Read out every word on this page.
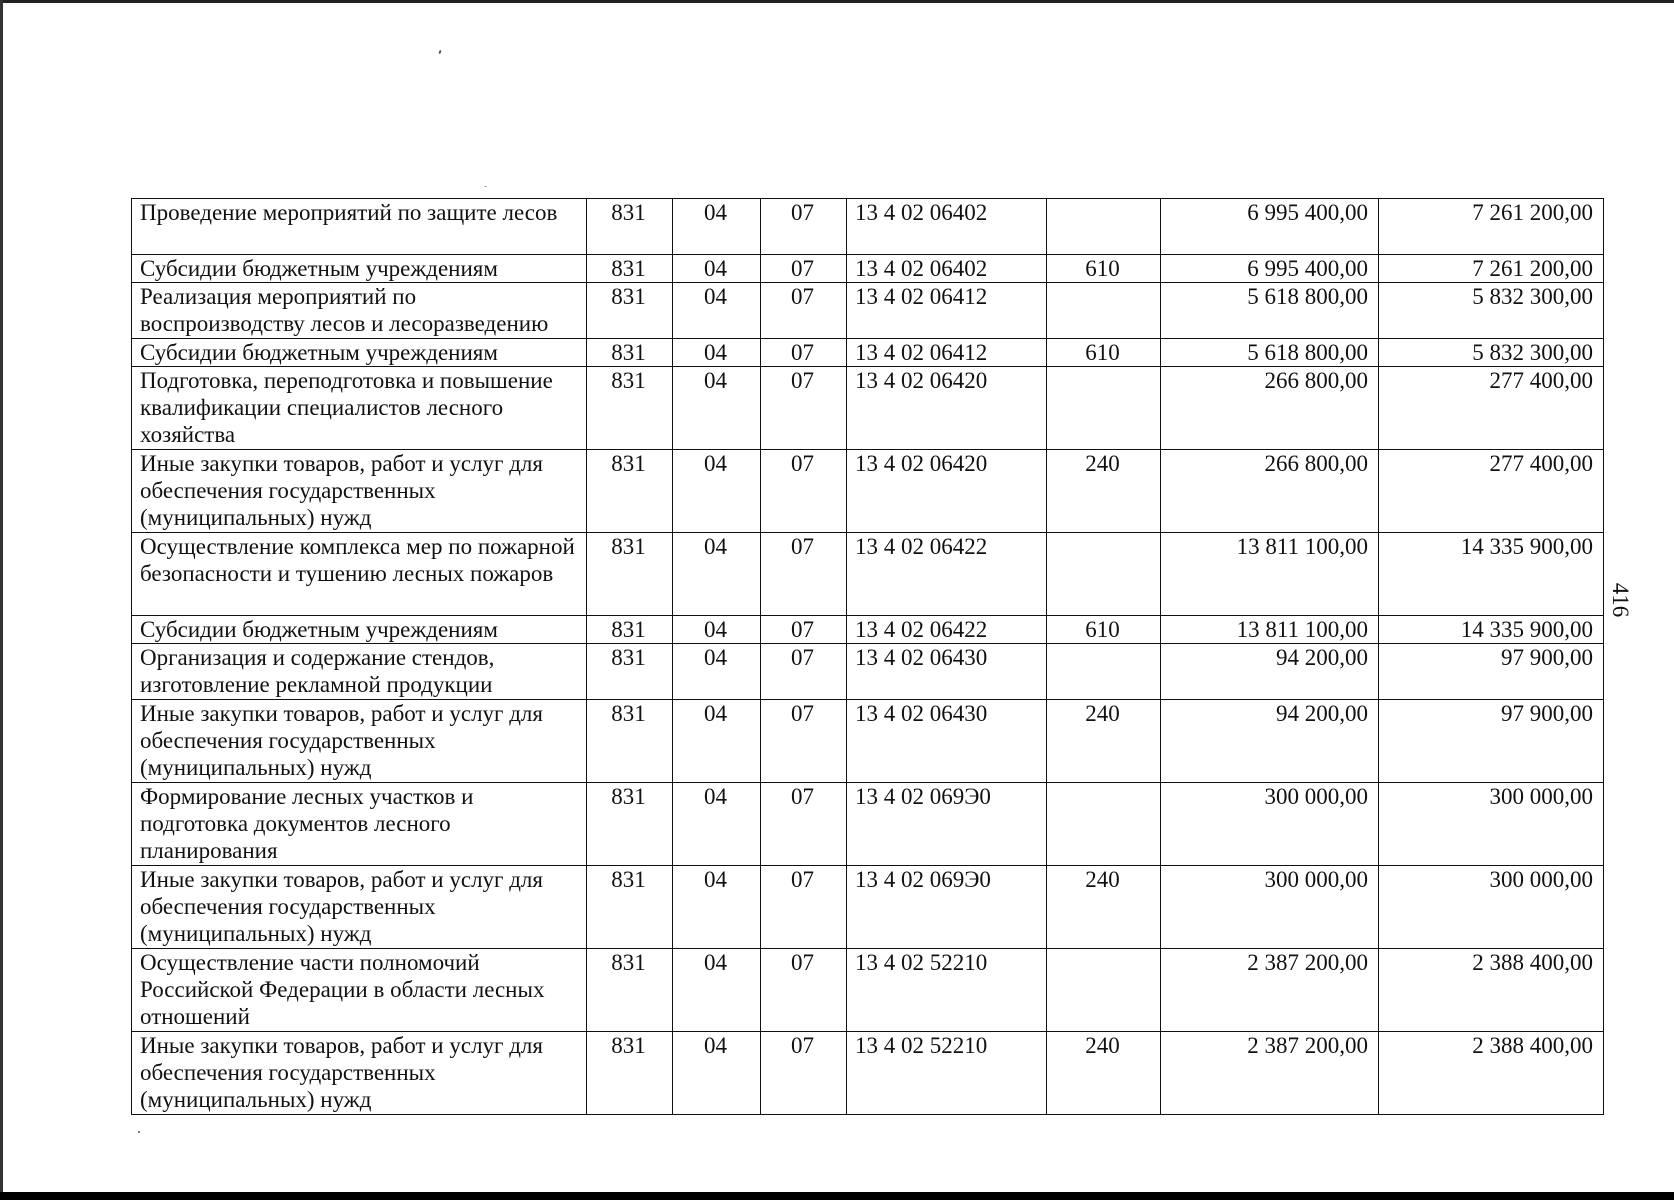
416
Проведение мероприятий по защите лесов	831	04	07	13 4 02 06402		6 995 400,00	7 261 200,00
Субсидии бюджетным учреждениям	831	04	07	13 4 02 06402	610	6 995 400,00	7 261 200,00
Реализация мероприятий по воспроизводству лесов и лесоразведению	831	04	07	13 4 02 06412		5 618 800,00	5 832 300,00
Субсидии бюджетным учреждениям	831	04	07	13 4 02 06412	610	5 618 800,00	5 832 300,00
Подготовка, переподготовка и повышение квалификации специалистов лесного хозяйства	831	04	07	13 4 02 06420		266 800,00	277 400,00
Иные закупки товаров, работ и услуг для обеспечения государственных (муниципальных) нужд	831	04	07	13 4 02 06420	240	266 800,00	277 400,00
Осуществление комплекса мер по пожарной безопасности и тушению лесных пожаров	831	04	07	13 4 02 06422		13 811 100,00	14 335 900,00
Субсидии бюджетным учреждениям	831	04	07	13 4 02 06422	610	13 811 100,00	14 335 900,00
Организация и содержание стендов, изготовление рекламной продукции	831	04	07	13 4 02 06430		94 200,00	97 900,00
Иные закупки товаров, работ и услуг для обеспечения государственных (муниципальных) нужд	831	04	07	13 4 02 06430	240	94 200,00	97 900,00
Формирование лесных участков и подготовка документов лесного планирования	831	04	07	13 4 02 069Э0		300 000,00	300 000,00
Иные закупки товаров, работ и услуг для обеспечения государственных (муниципальных) нужд	831	04	07	13 4 02 069Э0	240	300 000,00	300 000,00
Осуществление части полномочий Российской Федерации в области лесных отношений	831	04	07	13 4 02 52210		2 387 200,00	2 388 400,00
Иные закупки товаров, работ и услуг для обеспечения государственных (муниципальных) нужд	831	04	07	13 4 02 52210	240	2 387 200,00	2 388 400,00
